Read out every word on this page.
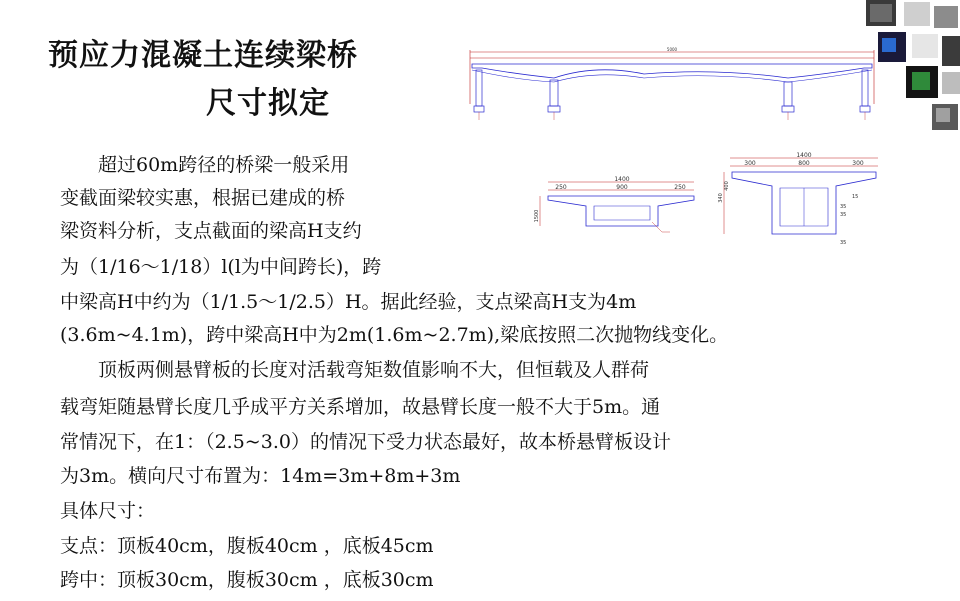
预应力混凝土连续梁桥
尺寸拟定
5000
1400
250	900	250
1500
1400
300	800	300
340
400
35
35
35
15
　　超过60m跨径的桥梁一般采用
变截面梁较实惠，根据已建成的桥
梁资料分析，支点截面的梁高H支约
为（1/16～1/18）l(l为中间跨长)，跨
中梁高H中约为（1/1.5～1/2.5）H。据此经验，支点梁高H支为4m
(3.6m~4.1m)，跨中梁高H中为2m(1.6m~2.7m),梁底按照二次抛物线变化。
　　顶板两侧悬臂板的长度对活载弯矩数值影响不大，但恒载及人群荷
载弯矩随悬臂长度几乎成平方关系增加，故悬臂长度一般不大于5m。通
常情况下，在1：（2.5~3.0）的情况下受力状态最好，故本桥悬臂板设计
为3m。横向尺寸布置为：14m=3m+8m+3m
具体尺寸：
支点：顶板40cm，腹板40cm ，底板45cm
跨中：顶板30cm，腹板30cm ，底板30cm
